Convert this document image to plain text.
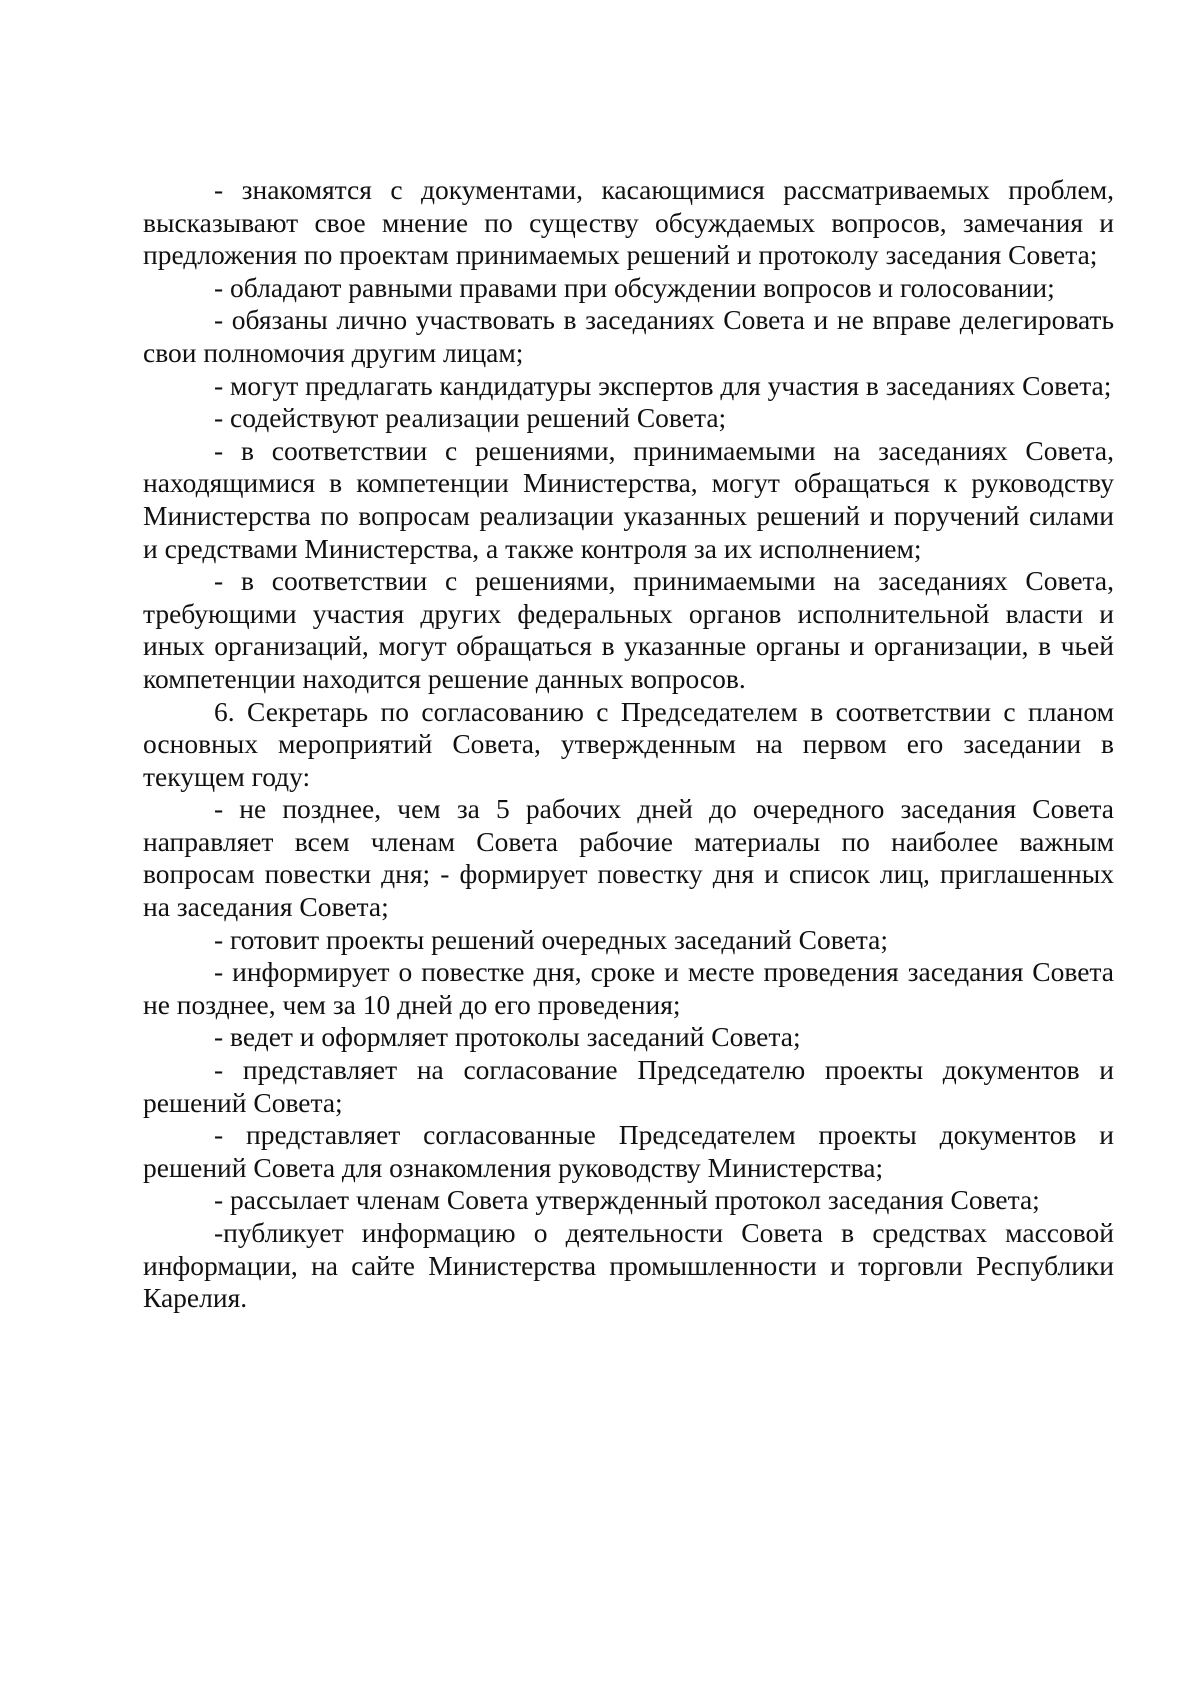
- знакомятся с документами, касающимися рассматриваемых проблем, высказывают свое мнение по существу обсуждаемых вопросов, замечания и предложения по проектам принимаемых решений и протоколу заседания Совета;

- обладают равными правами при обсуждении вопросов и голосовании;

- обязаны лично участвовать в заседаниях Совета и не вправе делегировать свои полномочия другим лицам;

- могут предлагать кандидатуры экспертов для участия в заседаниях Совета;

- содействуют реализации решений Совета;

- в соответствии с решениями, принимаемыми на заседаниях Совета, находящимися в компетенции Министерства, могут обращаться к руководству Министерства по вопросам реализации указанных решений и поручений силами и средствами Министерства, а также контроля за их исполнением;

- в соответствии с решениями, принимаемыми на заседаниях Совета, требующими участия других федеральных органов исполнительной власти и иных организаций, могут обращаться в указанные органы и организации, в чьей компетенции находится решение данных вопросов.

6. Секретарь по согласованию с Председателем в соответствии с планом основных мероприятий Совета, утвержденным на первом его заседании в текущем году:

- не позднее, чем за 5 рабочих дней до очередного заседания Совета направляет всем членам Совета рабочие материалы по наиболее важным вопросам повестки дня; - формирует повестку дня и список лиц, приглашенных на заседания Совета;

- готовит проекты решений очередных заседаний Совета;

- информирует о повестке дня, сроке и месте проведения заседания Совета не позднее, чем за 10 дней до его проведения;

- ведет и оформляет протоколы заседаний Совета;

- представляет на согласование Председателю проекты документов и решений Совета;

- представляет согласованные Председателем проекты документов и решений Совета для ознакомления руководству Министерства;

- рассылает членам Совета утвержденный протокол заседания Совета;

-публикует информацию о деятельности Совета в средствах массовой информации, на сайте Министерства промышленности и торговли Республики Карелия.
